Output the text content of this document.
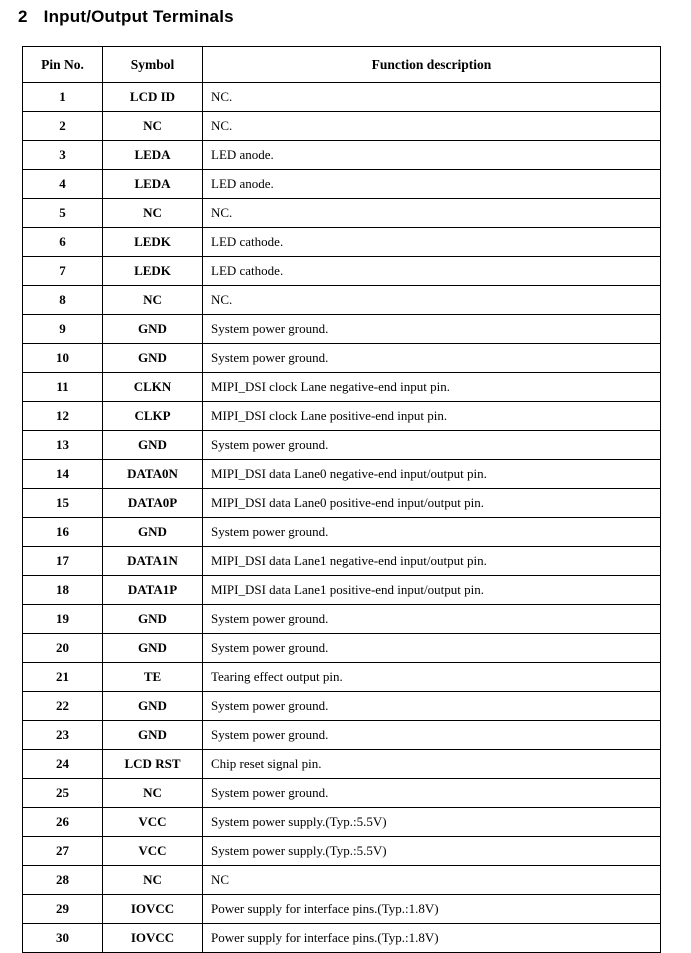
2 Input/Output Terminals
Pin No.	Symbol	Function description
1	LCD ID	NC.
2	NC	NC.
3	LEDA	LED anode.
4	LEDA	LED anode.
5	NC	NC.
6	LEDK	LED cathode.
7	LEDK	LED cathode.
8	NC	NC.
9	GND	System power ground.
10	GND	System power ground.
11	CLKN	MIPI_DSI clock Lane negative-end input pin.
12	CLKP	MIPI_DSI clock Lane positive-end input pin.
13	GND	System power ground.
14	DATA0N	MIPI_DSI data Lane0 negative-end input/output pin.
15	DATA0P	MIPI_DSI data Lane0 positive-end input/output pin.
16	GND	System power ground.
17	DATA1N	MIPI_DSI data Lane1 negative-end input/output pin.
18	DATA1P	MIPI_DSI data Lane1 positive-end input/output pin.
19	GND	System power ground.
20	GND	System power ground.
21	TE	Tearing effect output pin.
22	GND	System power ground.
23	GND	System power ground.
24	LCD RST	Chip reset signal pin.
25	NC	System power ground.
26	VCC	System power supply.(Typ.:5.5V)
27	VCC	System power supply.(Typ.:5.5V)
28	NC	NC
29	IOVCC	Power supply for interface pins.(Typ.:1.8V)
30	IOVCC	Power supply for interface pins.(Typ.:1.8V)
